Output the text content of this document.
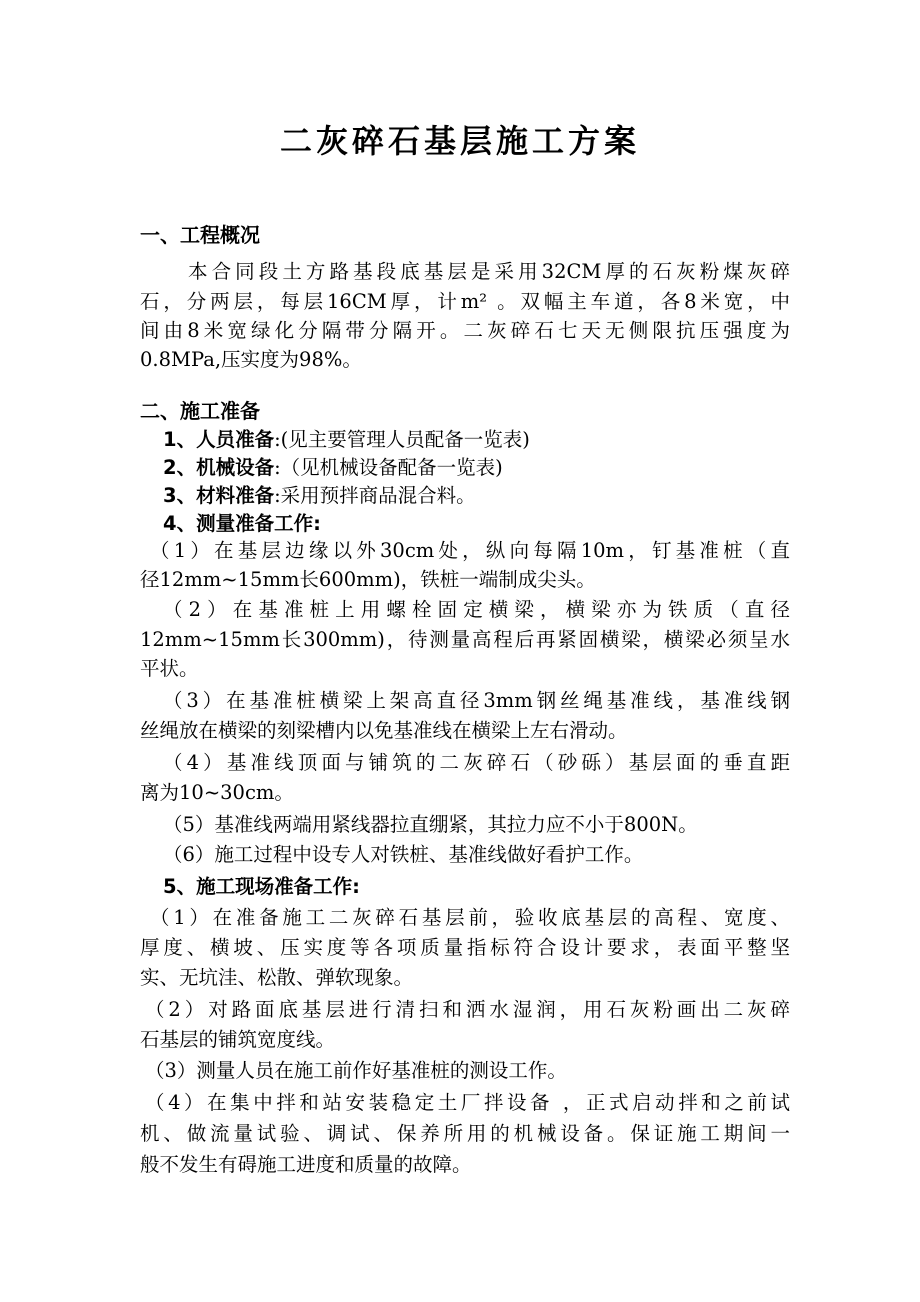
二灰碎石基层施工方案
一、工程概况
本合同段土方路基段底基层是采用32CM厚的石灰粉煤灰碎
石，分两层，每层16CM厚，计m² 。双幅主车道，各8米宽，中
间由8米宽绿化分隔带分隔开。二灰碎石七天无侧限抗压强度为
0.8MPa,压实度为98%。
二、施工准备
1、人员准备:(见主要管理人员配备一览表)
2、机械设备:（见机械设备配备一览表)
3、材料准备:采用预拌商品混合料。
4、测量准备工作:
（1）在基层边缘以外30cm处，纵向每隔10m，钉基准桩（直
径12mm~15mm长600mm)，铁桩一端制成尖头。
（2）在基准桩上用螺栓固定横梁，横梁亦为铁质（直径
12mm~15mm长300mm)，待测量高程后再紧固横梁，横梁必须呈水
平状。
（3）在基准桩横梁上架高直径3mm钢丝绳基准线，基准线钢
丝绳放在横梁的刻梁槽内以免基准线在横梁上左右滑动。
（4）基准线顶面与铺筑的二灰碎石（砂砾）基层面的垂直距
离为10~30cm。
（5）基准线两端用紧线器拉直绷紧，其拉力应不小于800N。
（6）施工过程中设专人对铁桩、基准线做好看护工作。
5、施工现场准备工作:
（1）在准备施工二灰碎石基层前，验收底基层的高程、宽度、
厚度、横坡、压实度等各项质量指标符合设计要求，表面平整坚
实、无坑洼、松散、弹软现象。
（2）对路面底基层进行清扫和洒水湿润，用石灰粉画出二灰碎
石基层的铺筑宽度线。
（3）测量人员在施工前作好基准桩的测设工作。
（4）在集中拌和站安装稳定土厂拌设备 ，正式启动拌和之前试
机、做流量试验、调试、保养所用的机械设备。保证施工期间一
般不发生有碍施工进度和质量的故障。
